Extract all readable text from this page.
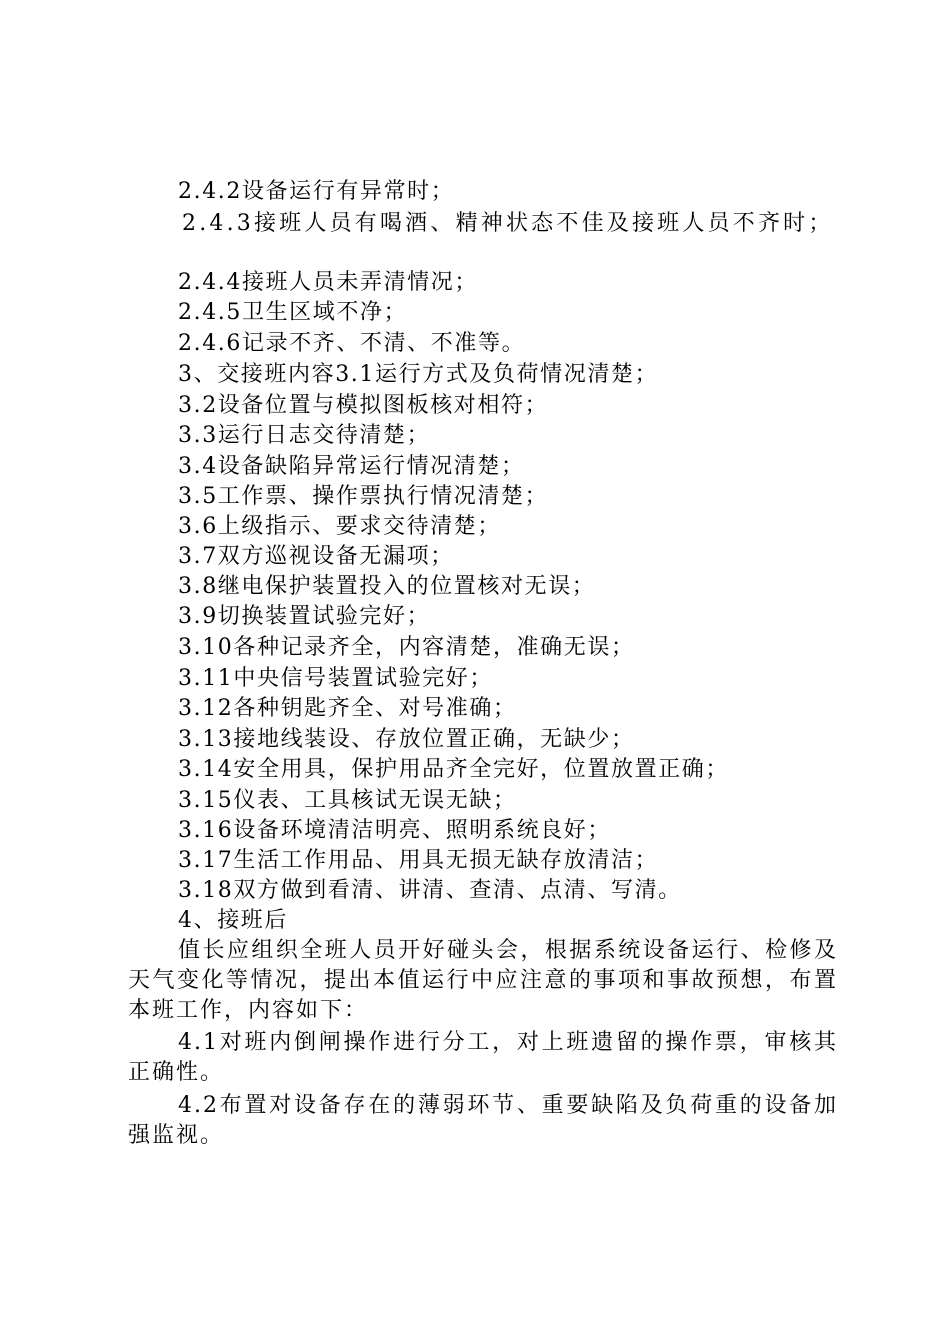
2.4.2设备运行有异常时；
2.4.3接班人员有喝酒、精神状态不佳及接班人员不齐时；
2.4.4接班人员未弄清情况；
2.4.5卫生区域不净；
2.4.6记录不齐、不清、不准等。
3、交接班内容3.1运行方式及负荷情况清楚；
3.2设备位置与模拟图板核对相符；
3.3运行日志交待清楚；
3.4设备缺陷异常运行情况清楚；
3.5工作票、操作票执行情况清楚；
3.6上级指示、要求交待清楚；
3.7双方巡视设备无漏项；
3.8继电保护装置投入的位置核对无误；
3.9切换装置试验完好；
3.10各种记录齐全，内容清楚，准确无误；
3.11中央信号装置试验完好；
3.12各种钥匙齐全、对号准确；
3.13接地线装设、存放位置正确，无缺少；
3.14安全用具，保护用品齐全完好，位置放置正确；
3.15仪表、工具核试无误无缺；
3.16设备环境清洁明亮、照明系统良好；
3.17生活工作用品、用具无损无缺存放清洁；
3.18双方做到看清、讲清、查清、点清、写清。
4、接班后
值长应组织全班人员开好碰头会，根据系统设备运行、检修及天气变化等情况，提出本值运行中应注意的事项和事故预想，布置本班工作，内容如下：
4.1对班内倒闸操作进行分工，对上班遗留的操作票，审核其正确性。
4.2布置对设备存在的薄弱环节、重要缺陷及负荷重的设备加强监视。
